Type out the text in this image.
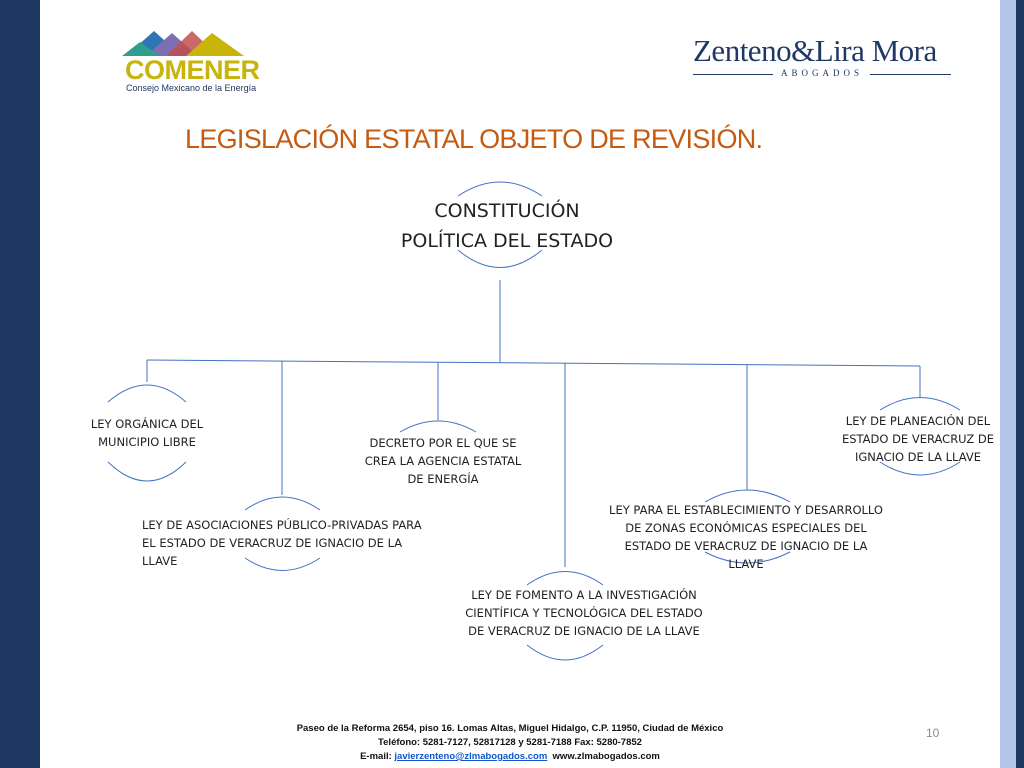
COMENER
Consejo Mexicano de la Energía
Zenteno&Lira Mora
ABOGADOS
LEGISLACIÓN ESTATAL OBJETO DE REVISIÓN.
CONSTITUCIÓN
POLÍTICA DEL ESTADO
LEY ORGÁNICA DEL
MUNICIPIO LIBRE
LEY DE ASOCIACIONES PÚBLICO-PRIVADAS PARA
EL ESTADO DE VERACRUZ DE IGNACIO DE LA
LLAVE
DECRETO POR EL QUE SE
CREA LA AGENCIA ESTATAL
DE ENERGÍA
LEY DE FOMENTO A LA INVESTIGACIÓN
CIENTÍFICA Y TECNOLÓGICA DEL ESTADO
DE VERACRUZ DE IGNACIO DE LA LLAVE
LEY PARA EL ESTABLECIMIENTO Y DESARROLLO
DE ZONAS ECONÓMICAS ESPECIALES DEL
ESTADO DE VERACRUZ DE IGNACIO DE LA
LLAVE
LEY DE PLANEACIÓN DEL
ESTADO DE VERACRUZ DE
IGNACIO DE LA LLAVE
Paseo de la Reforma 2654, piso 16. Lomas Altas, Miguel Hidalgo, C.P. 11950, Ciudad de México
Teléfono: 5281-7127, 52817128 y 5281-7188 Fax: 5280-7852
E-mail: javierzenteno@zlmabogados.com www.zlmabogados.com
10
